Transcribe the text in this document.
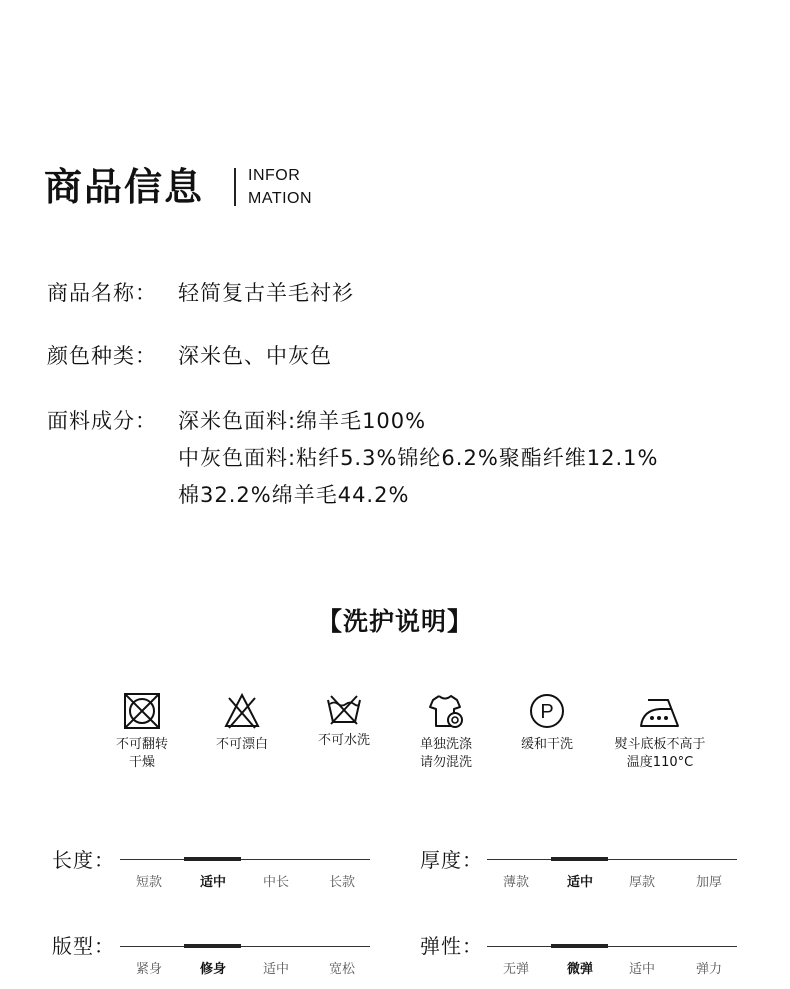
商品信息	INFOR
MATION
商品名称： 轻简复古羊毛衬衫
颜色种类： 深米色、中灰色
面料成分： 深米色面料:绵羊毛100%
中灰色面料:粘纤5.3%锦纶6.2%聚酯纤维12.1%
棉32.2%绵羊毛44.2%
【洗护说明】
不可翻转
干燥
不可漂白	不可水洗	单独洗涤
请勿混洗
P
缓和干洗	熨斗底板不高于
温度110°C
长度：
短款	适中	中长	长款
厚度：
薄款	适中	厚款	加厚
版型：
紧身	修身	适中	宽松
弹性：
无弹	微弹	适中	弹力
